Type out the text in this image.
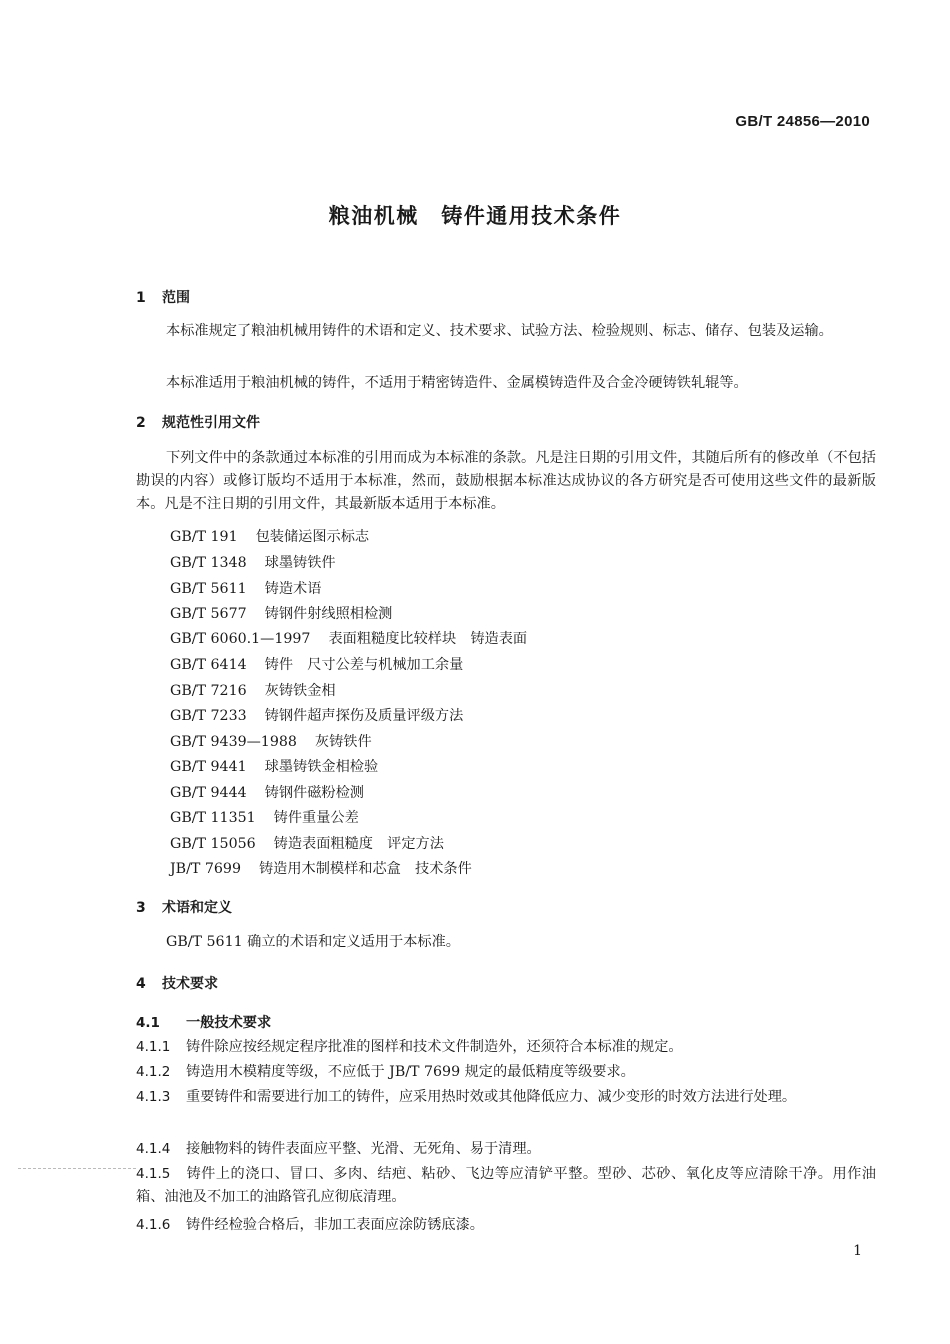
GB/T 24856—2010
粮油机械　铸件通用技术条件
1 范围
本标准规定了粮油机械用铸件的术语和定义、技术要求、试验方法、检验规则、标志、储存、包装及运输。
本标准适用于粮油机械的铸件，不适用于精密铸造件、金属模铸造件及合金冷硬铸铁轧辊等。
2 规范性引用文件
下列文件中的条款通过本标准的引用而成为本标准的条款。凡是注日期的引用文件，其随后所有的修改单（不包括勘误的内容）或修订版均不适用于本标准，然而，鼓励根据本标准达成协议的各方研究是否可使用这些文件的最新版本。凡是不注日期的引用文件，其最新版本适用于本标准。
GB/T 191 包装储运图示标志
GB/T 1348 球墨铸铁件
GB/T 5611 铸造术语
GB/T 5677 铸钢件射线照相检测
GB/T 6060.1—1997 表面粗糙度比较样块　铸造表面
GB/T 6414 铸件　尺寸公差与机械加工余量
GB/T 7216 灰铸铁金相
GB/T 7233 铸钢件超声探伤及质量评级方法
GB/T 9439—1988 灰铸铁件
GB/T 9441 球墨铸铁金相检验
GB/T 9444 铸钢件磁粉检测
GB/T 11351 铸件重量公差
GB/T 15056 铸造表面粗糙度　评定方法
JB/T 7699 铸造用木制模样和芯盒　技术条件
3 术语和定义
GB/T 5611 确立的术语和定义适用于本标准。
4 技术要求
4.1 一般技术要求
4.1.1 铸件除应按经规定程序批准的图样和技术文件制造外，还须符合本标准的规定。
4.1.2 铸造用木模精度等级，不应低于 JB/T 7699 规定的最低精度等级要求。
4.1.3 重要铸件和需要进行加工的铸件，应采用热时效或其他降低应力、减少变形的时效方法进行处理。
4.1.4 接触物料的铸件表面应平整、光滑、无死角、易于清理。
4.1.5 铸件上的浇口、冒口、多肉、结疤、粘砂、飞边等应清铲平整。型砂、芯砂、氧化皮等应清除干净。用作油箱、油池及不加工的油路管孔应彻底清理。
4.1.6 铸件经检验合格后，非加工表面应涂防锈底漆。
1
